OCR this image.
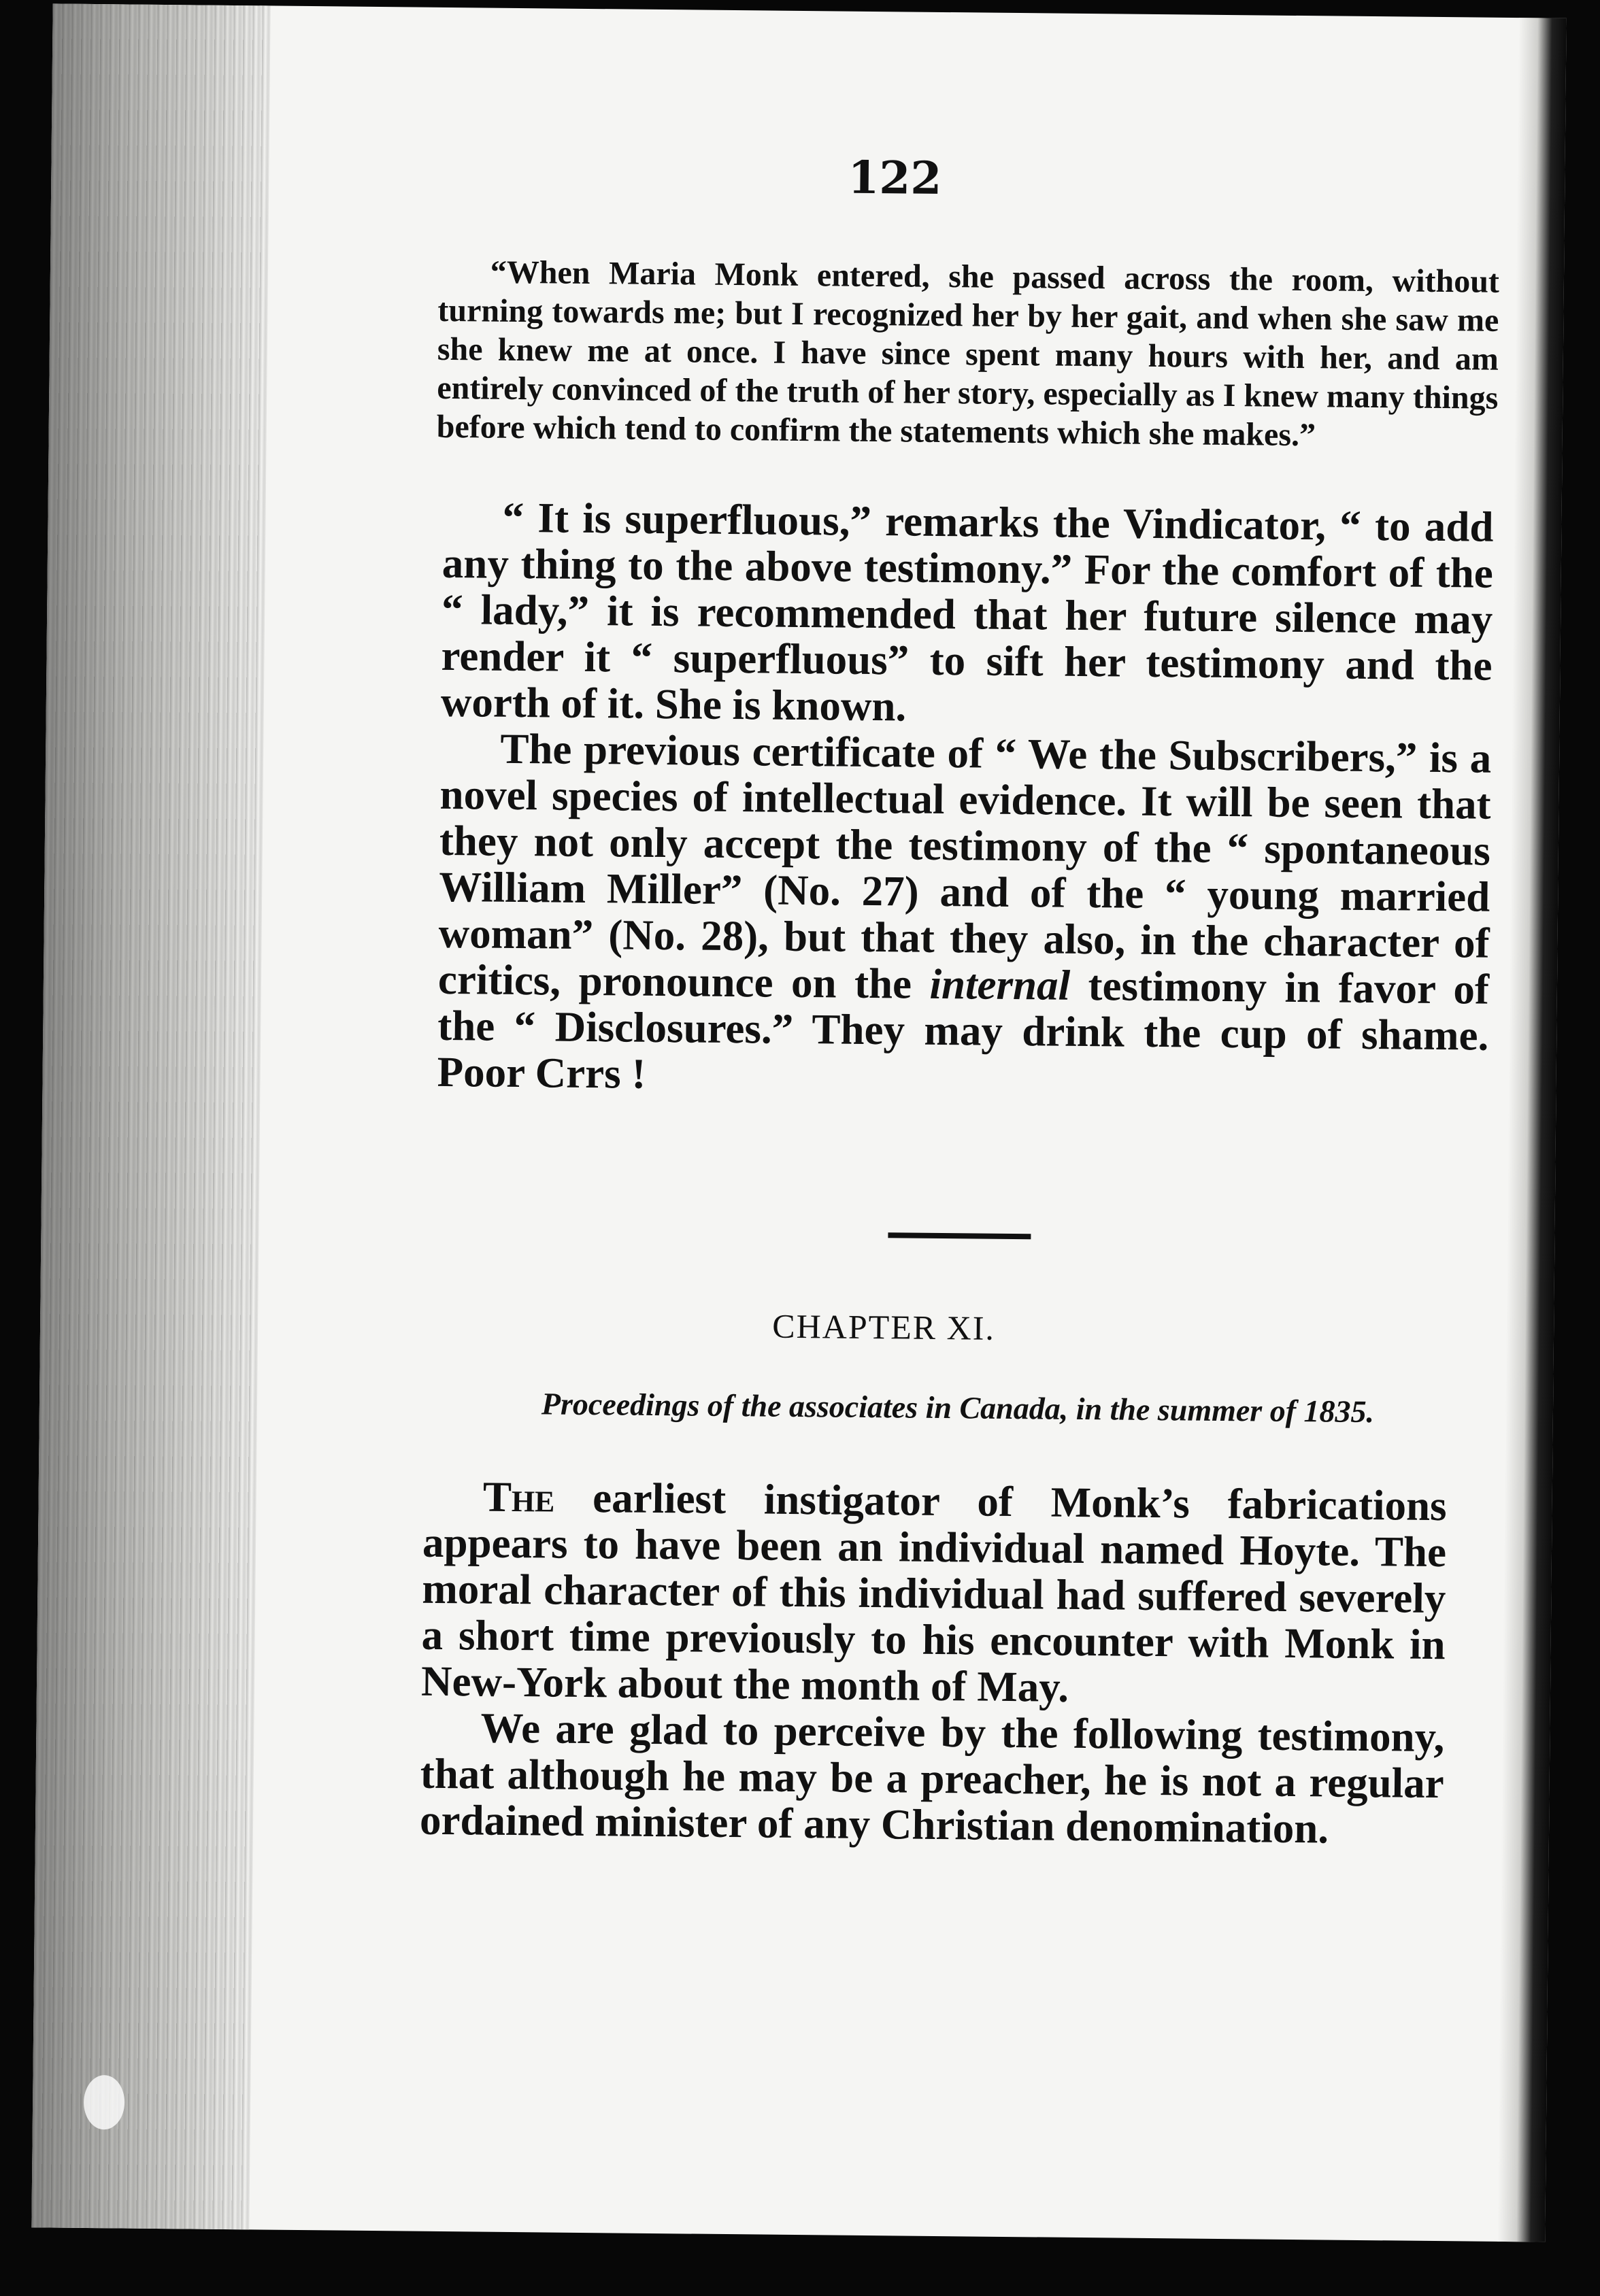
122
“When Maria Monk entered, she passed across the room, without turning towards me; but I recognized her by her gait, and when she saw me she knew me at once. I have since spent many hours with her, and am entirely convinced of the truth of her story, especially as I knew many things before which tend to confirm the statements which she makes.”

“ It is superfluous,” remarks the Vindicator, “ to add any thing to the above testimony.” For the comfort of the “ lady,” it is recommended that her future silence may render it “ superfluous” to sift her testimony and the worth of it. She is known.

The previous certificate of “ We the Subscribers,” is a novel species of intellectual evidence. It will be seen that they not only accept the testimony of the “ spontaneous William Miller” (No. 27) and of the “ young married woman” (No. 28), but that they also, in the character of critics, pronounce on the internal testimony in favor of the “ Disclosures.” They may drink the cup of shame. Poor Crrs !

CHAPTER XI.
Proceedings of the associates in Canada, in the summer of 1835.

The earliest instigator of Monk’s fabrications appears to have been an individual named Hoyte. The moral character of this individual had suffered severely a short time previously to his encounter with Monk in New-York about the month of May.

We are glad to perceive by the following testimony, that although he may be a preacher, he is not a regular ordained minister of any Christian denomination.
